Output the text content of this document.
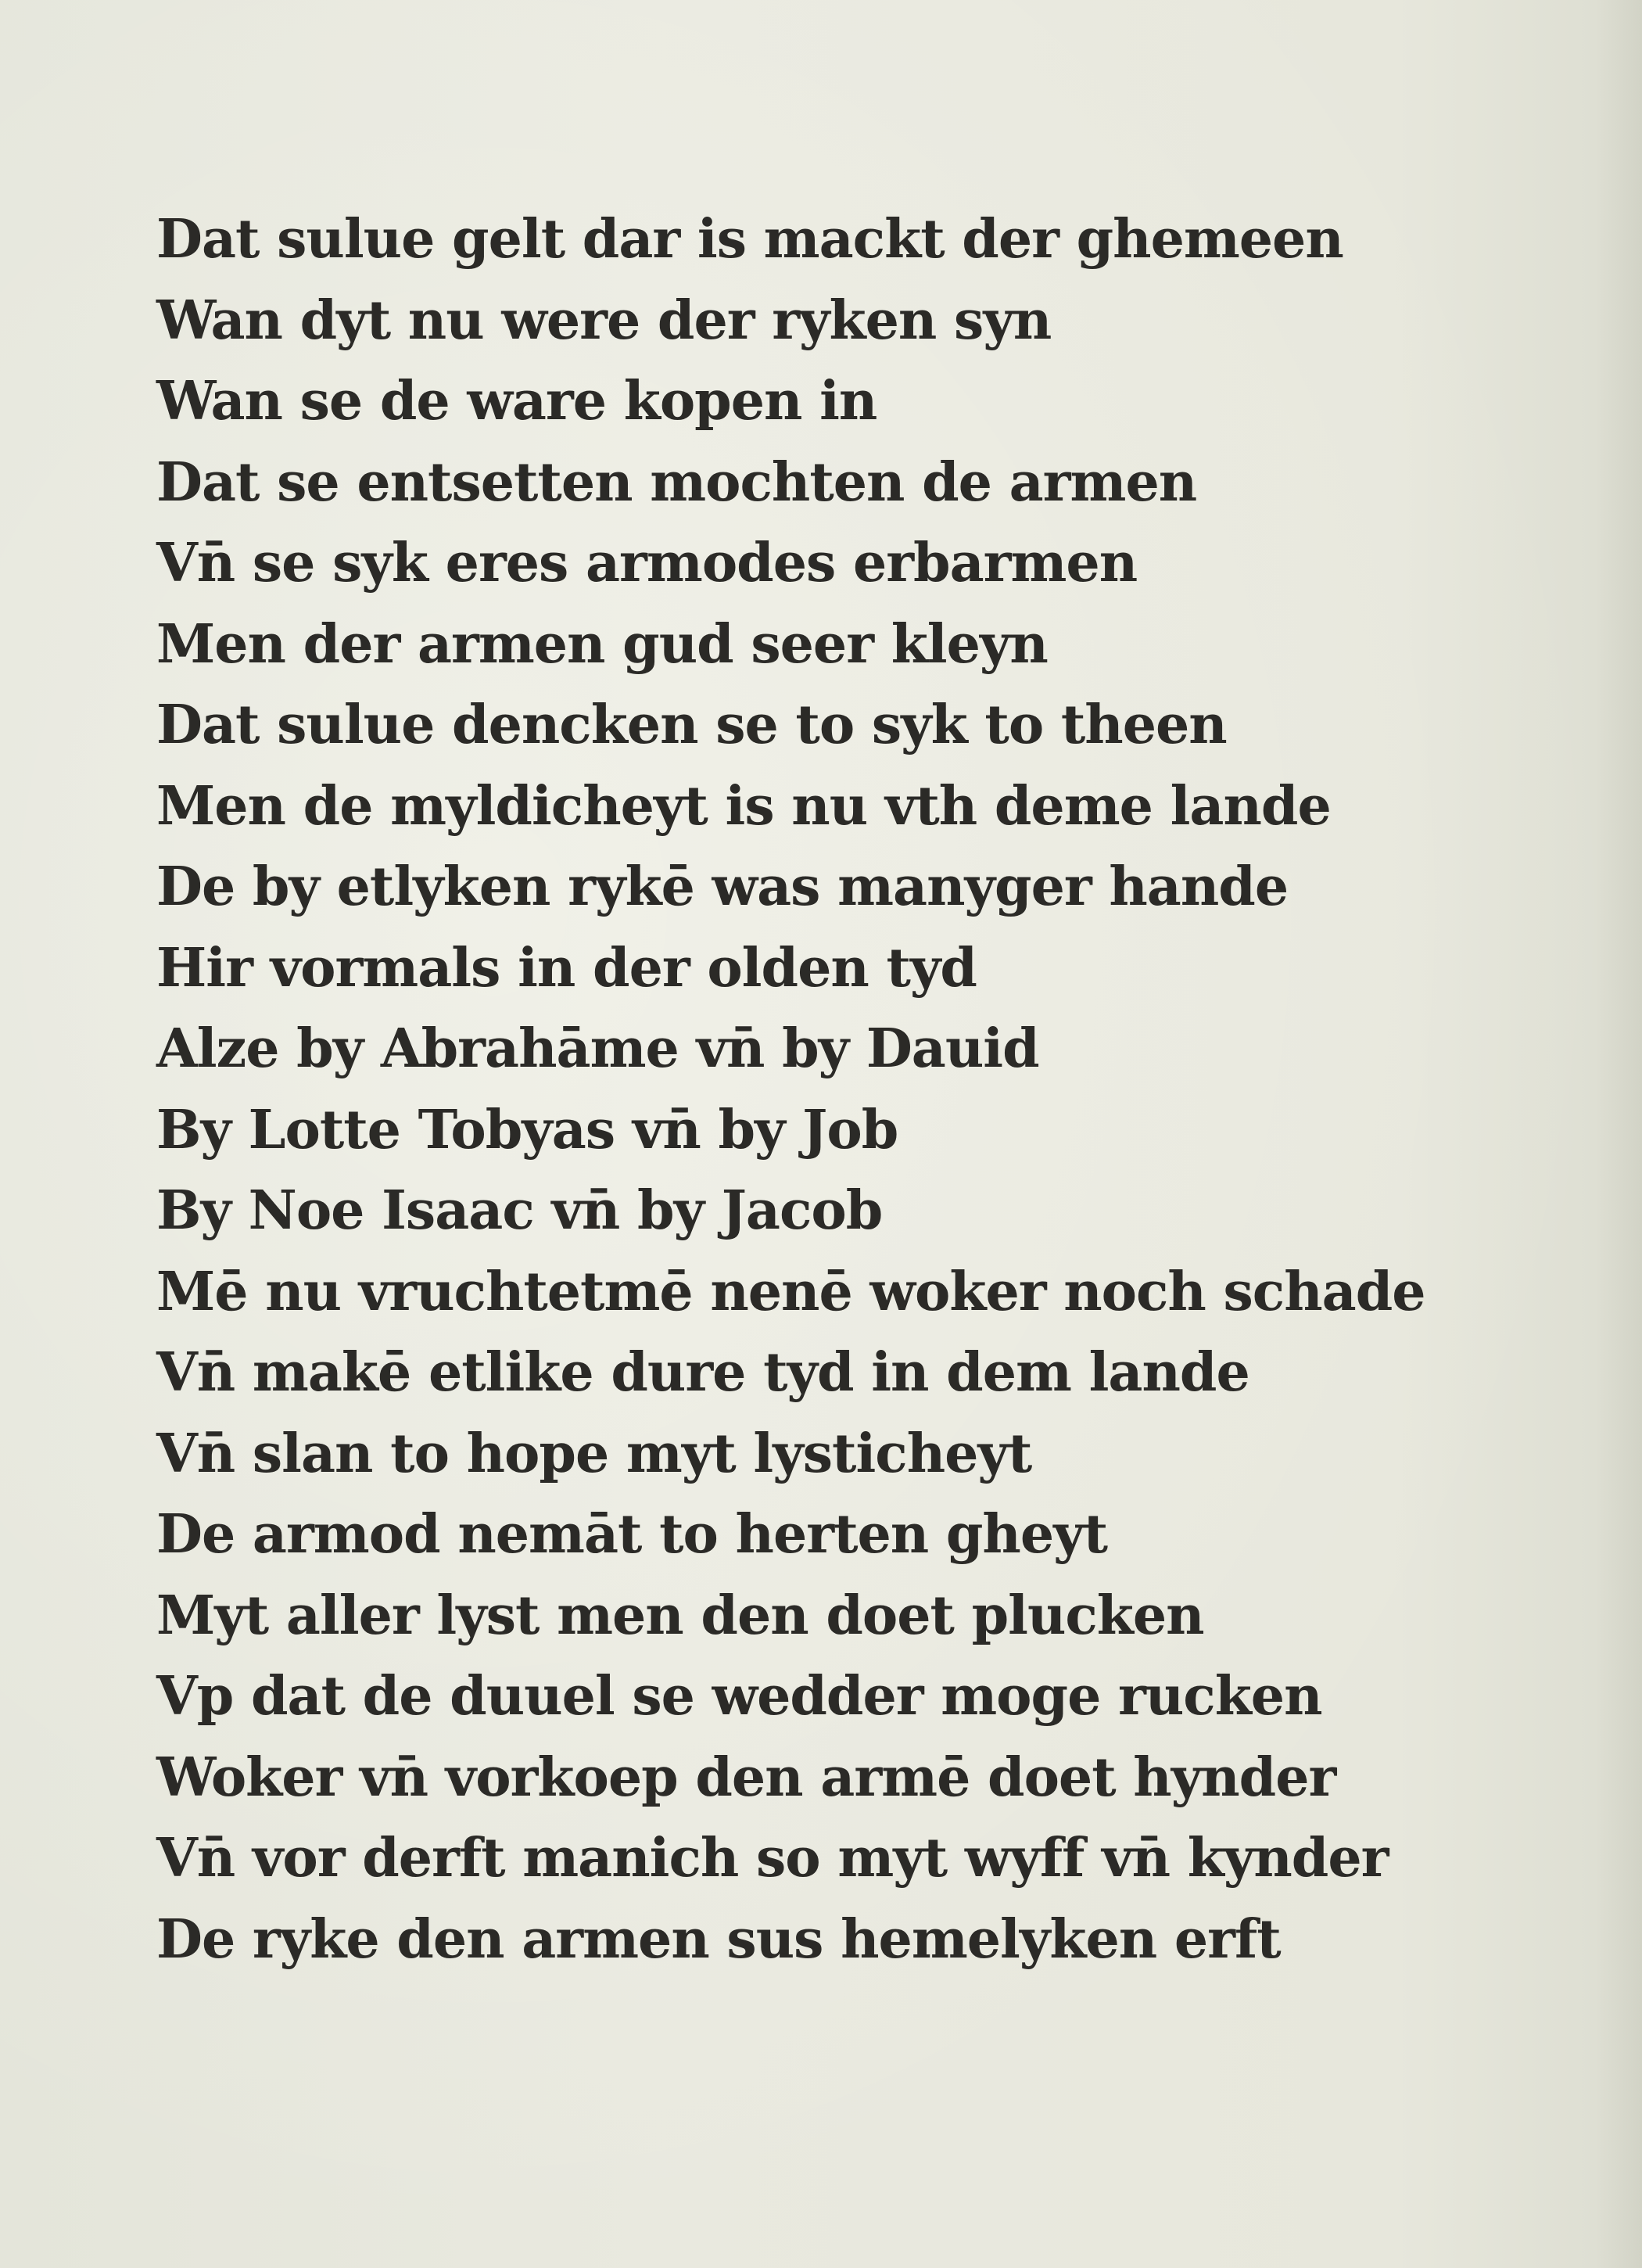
Dat sulue gelt dar is mackt der ghemeen
Wan dyt nu were der ryken syn
Wan se de ware kopen in
Dat se entsetten mochten de armen
Vn̄ se syk eres armodes erbarmen
Men der armen gud seer kleyn
Dat sulue dencken se to syk to theen
Men de myldicheyt is nu vth deme lande
De by etlyken rykē was manyger hande
Hir vormals in der olden tyd
Alze by Abrahāme vn̄ by Dauid
By Lotte Tobyas vn̄ by Job
By Noe Isaac vn̄ by Jacob
Mē nu vruchtetmē nenē woker noch schade
Vn̄ makē etlike dure tyd in dem lande
Vn̄ slan to hope myt lysticheyt
De armod nemāt to herten gheyt
Myt aller lyst men den doet plucken
Vp dat de duuel se wedder moge rucken
Woker vn̄ vorkoep den armē doet hynder
Vn̄ vor derft manich so myt wyff vn̄ kynder
De ryke den armen sus hemelyken erft
